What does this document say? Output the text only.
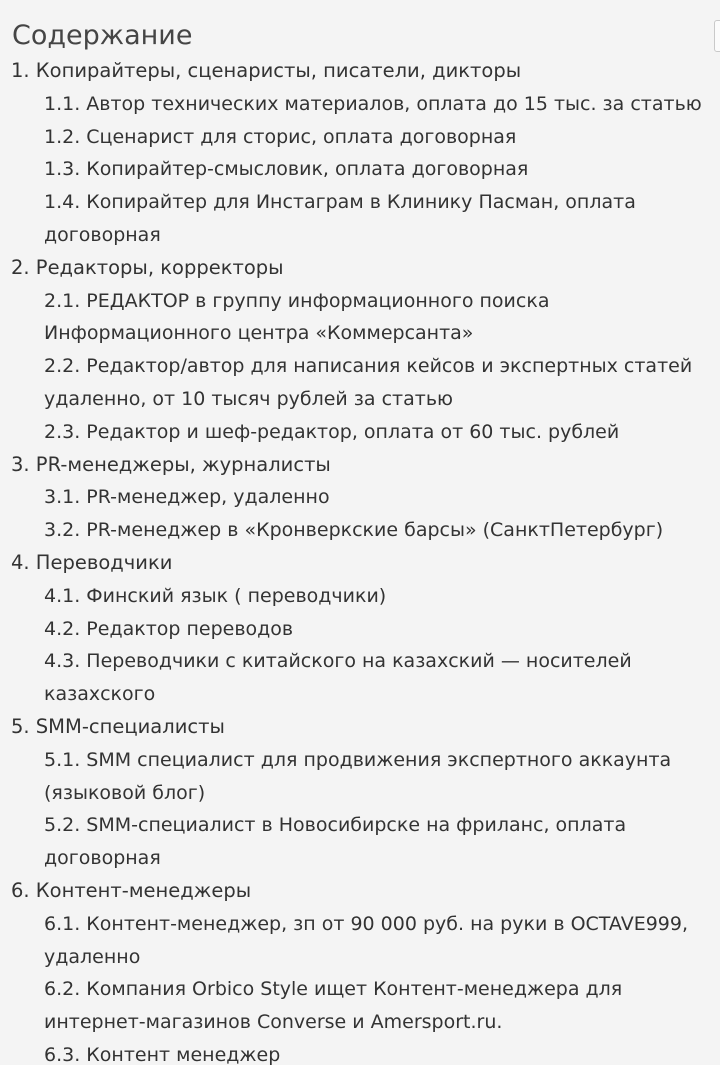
Содержание
1. Копирайтеры, сценаристы, писатели, дикторы
1.1. Автор технических материалов, оплата до 15 тыс. за статью
1.2. Сценарист для сторис, оплата договорная
1.3. Копирайтер-смысловик, оплата договорная
1.4. Копирайтер для Инстаграм в Клинику Пасман, оплата договорная
2. Редакторы, корректоры
2.1. РЕДАКТОР в группу информационного поиска Информационного центра «Коммерсанта»
2.2. Редактор/автор для написания кейсов и экспертных статей удаленно, от 10 тысяч рублей за статью
2.3. Редактор и шеф-редактор, оплата от 60 тыс. рублей
3. PR-менеджеры, журналисты
3.1. PR-менеджер, удаленно
3.2. PR-менеджер в «Кронверкские барсы» (СанктПетербург)
4. Переводчики
4.1. Финский язык ( переводчики)
4.2. Редактор переводов
4.3. Переводчики с китайского на казахский — носителей казахского
5. SMM-специалисты
5.1. SMM специалист для продвижения экспертного аккаунта (языковой блог)
5.2. SMM-специалист в Новосибирске на фриланс, оплата договорная
6. Контент-менеджеры
6.1. Контент-менеджер, зп от 90 000 руб. на руки в OCTAVE999, удаленно
6.2. Компания Orbico Style ищет Контент-менеджера для интернет-магазинов Converse и Amersport.ru.
6.3. Контент менеджер
